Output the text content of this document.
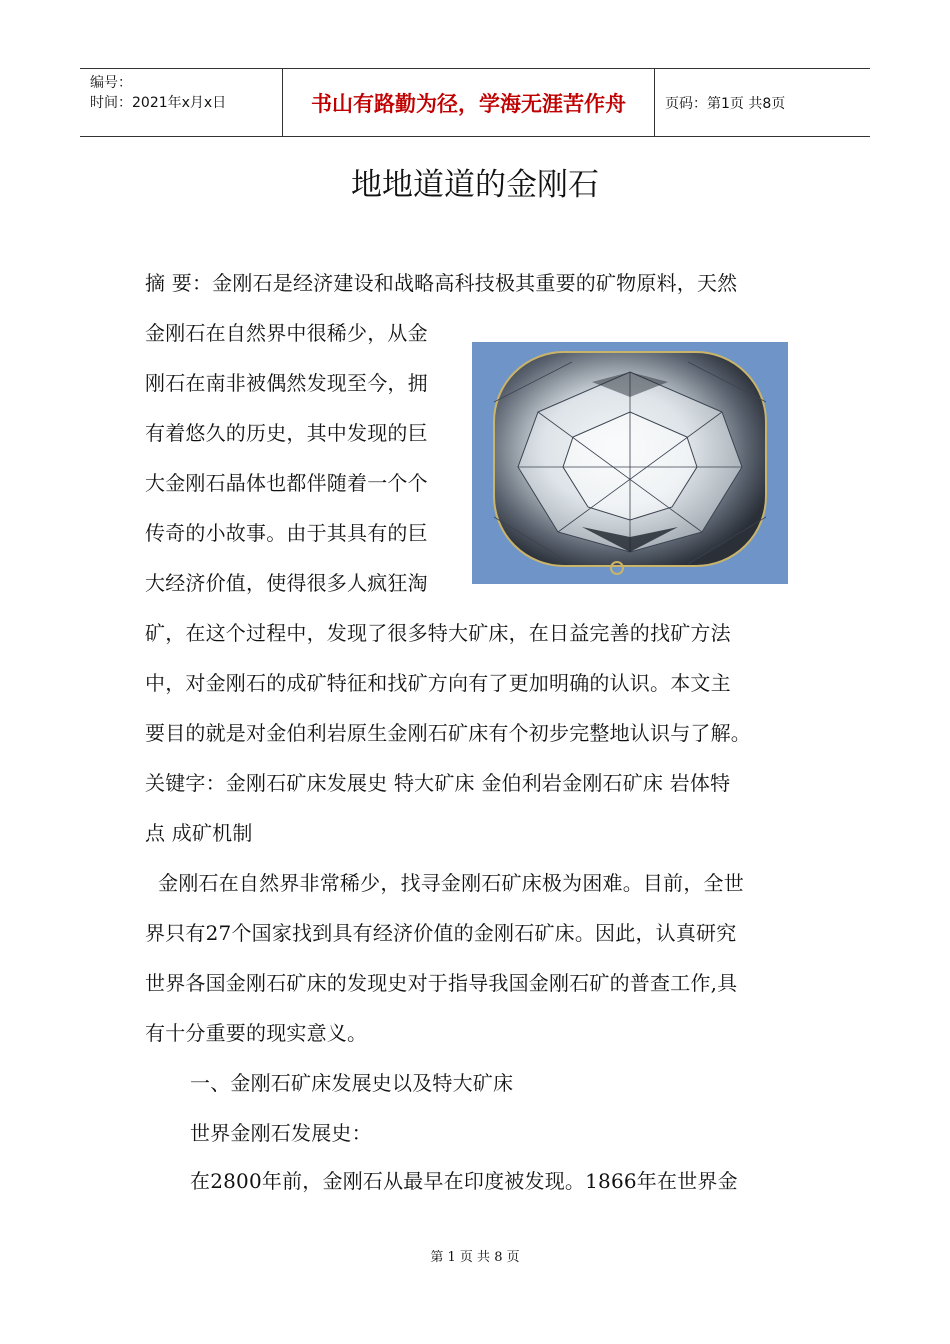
编号：
时间：2021年x月x日	书山有路勤为径，学海无涯苦作舟	页码：第1页 共8页
地地道道的金刚石
摘 要：金刚石是经济建设和战略高科技极其重要的矿物原料，天然
金刚石在自然界中很稀少，从金
刚石在南非被偶然发现至今，拥
有着悠久的历史，其中发现的巨
大金刚石晶体也都伴随着一个个
传奇的小故事。由于其具有的巨
大经济价值，使得很多人疯狂淘
矿，在这个过程中，发现了很多特大矿床，在日益完善的找矿方法
中，对金刚石的成矿特征和找矿方向有了更加明确的认识。本文主
要目的就是对金伯利岩原生金刚石矿床有个初步完整地认识与了解。
关键字：金刚石矿床发展史 特大矿床 金伯利岩金刚石矿床 岩体特
点 成矿机制
金刚石在自然界非常稀少，找寻金刚石矿床极为困难。目前，全世
界只有27个国家找到具有经济价值的金刚石矿床。因此，认真研究
世界各国金刚石矿床的发现史对于指导我国金刚石矿的普查工作,具
有十分重要的现实意义。
一、金刚石矿床发展史以及特大矿床
世界金刚石发展史：
在2800年前，金刚石从最早在印度被发现。1866年在世界金
第 1 页 共 8 页
